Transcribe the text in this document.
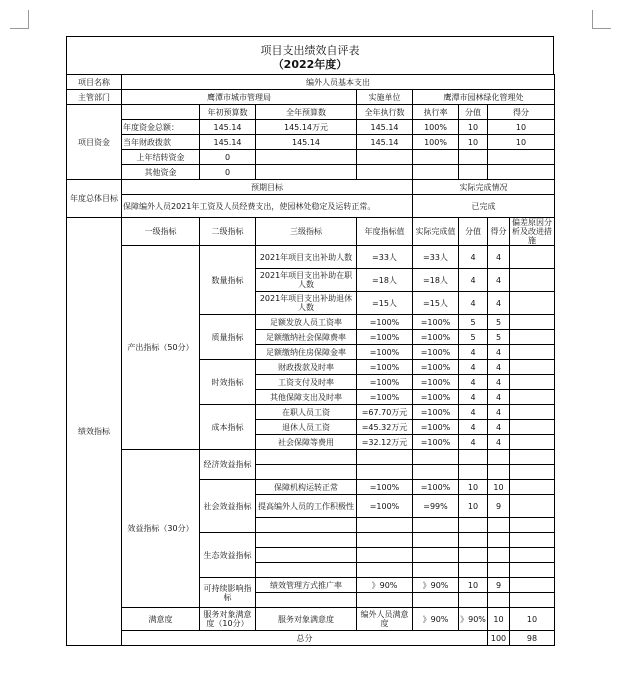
项目支出绩效自评表
（2022年度）
项目名称	编外人员基本支出								
主管部门	鹰潭市城市管理局			实施单位	鹰潭市园林绿化管理处				
项目资金		年初预算数	全年预算数	全年执行数	执行率	分值	得分		
	年度资金总额：	145.14	145.14万元	145.14	100%	10	10		
	当年财政拨款	145.14	145.14	145.14	100%	10	10		
	上年结转资金	0							
	其他资金	0							
年度总体目标	预期目标				实际完成情况				
	保障编外人员2021年工资及人员经费支出，使园林处稳定及运转正常。				已完成				
绩效指标	一级指标	二级指标	三级指标	年度指标值	实际完成值	分值	得分	偏差原因分析及改进措施	
	产出指标（50分）	数量指标	2021年项目支出补助人数	=33人	=33人	4	4		
			2021年项目支出补助在职人数	=18人	=18人	4	4		
			2021年项目支出补助退休人数	=15人	=15人	4	4		
		质量指标	足额发放人员工资率	=100%	=100%	5	5		
			足额缴纳社会保障费率	=100%	=100%	5	5		
			足额缴纳住房保障金率	=100%	=100%	4	4		
		时效指标	财政拨款及时率	=100%	=100%	4	4		
			工资支付及时率	=100%	=100%	4	4		
			其他保障支出及时率	=100%	=100%	4	4		
		成本指标	在职人员工资	=67.70万元	=100%	4	4		
			退休人员工资	=45.32万元	=100%	4	4		
			社会保障等费用	=32.12万元	=100%	4	4		
	效益指标（30分）	经济效益指标							

		社会效益指标	保障机构运转正常	=100%	=100%	10	10		
			提高编外人员的工作积极性	=100%	=99%	10	9		

		生态效益指标							

		可持续影响指标	绩效管理方式推广率	》90%	》90%	10	9		

	满意度	服务对象满意度（10分）	服务对象满意度	编外人员满意度	》90%	》90%	10	10	
	总分						100	98	
